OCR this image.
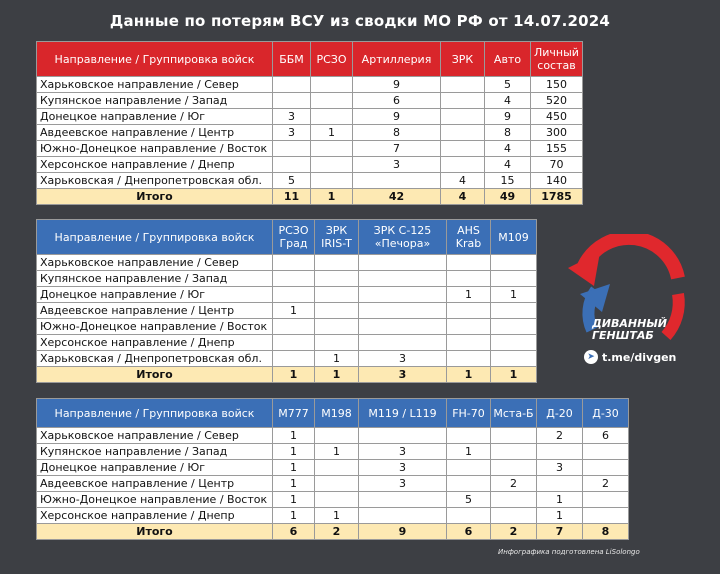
Данные по потерям ВСУ из сводки МО РФ от 14.07.2024
Направление / Группировка войск	ББМ	РСЗО	Артиллерия	ЗРК	Авто	Личный состав
Харьковское направление / Север			9		5	150
Купянское направление / Запад			6		4	520
Донецкое направление / Юг	3		9		9	450
Авдеевское направление / Центр	3	1	8		8	300
Южно-Донецкое направление / Восток			7		4	155
Херсонское направление / Днепр			3		4	70
Харьковская / Днепропетровская обл.	5			4	15	140
Итого	11	1	42	4	49	1785
Направление / Группировка войск	РСЗО Град	ЗРК IRIS-T	ЗРК С-125 «Печора»	AHS Krab	M109
Харьковское направление / Север					
Купянское направление / Запад					
Донецкое направление / Юг				1	1
Авдеевское направление / Центр	1				
Южно-Донецкое направление / Восток					
Херсонское направление / Днепр					
Харьковская / Днепропетровская обл.		1	3		
Итого	1	1	3	1	1
Направление / Группировка войск	M777	M198	M119 / L119	FH-70	Мста-Б	Д-20	Д-30
Харьковское направление / Север	1					2	6
Купянское направление / Запад	1	1	3	1			
Донецкое направление / Юг	1		3			3	
Авдеевское направление / Центр	1		3		2		2
Южно-Донецкое направление / Восток	1			5		1	
Херсонское направление / Днепр	1	1				1	
Итого	6	2	9	6	2	7	8
ДИВАННЫЙ
ГЕНШТАБ
➤ t.me/divgen
Инфографика подготовлена LiSolongo
